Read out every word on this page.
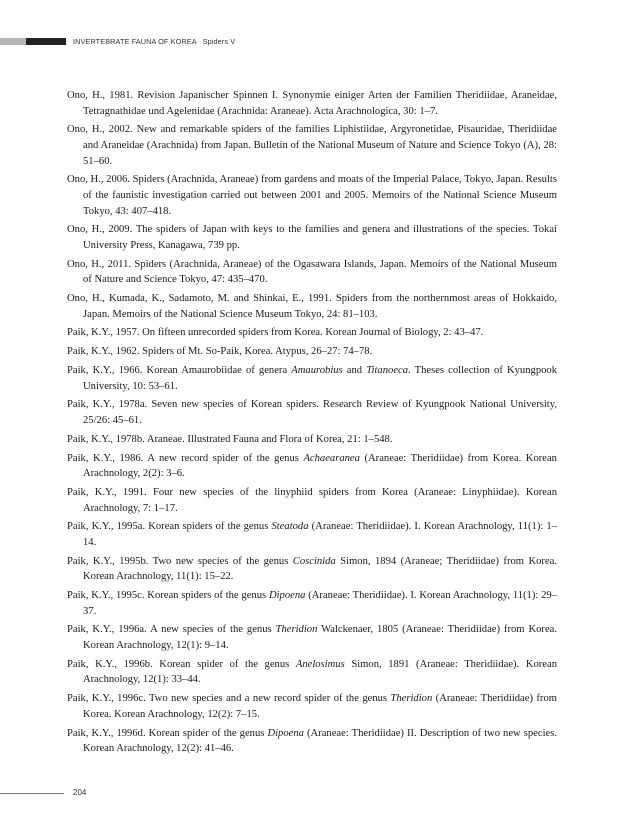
INVERTEBRATE FAUNA OF KOREA Spiders V
Ono, H., 1981. Revision Japanischer Spinnen I. Synonymie einiger Arten der Familien Theridiidae, Araneidae, Tetragnathidae und Agelenidae (Arachnida: Araneae). Acta Arachnologica, 30: 1–7.
Ono, H., 2002. New and remarkable spiders of the families Liphistiidae, Argyronetidae, Pisauridae, Theridiidae and Araneidae (Arachnida) from Japan. Bulletin of the National Museum of Nature and Science Tokyo (A), 28: 51–60.
Ono, H., 2006. Spiders (Arachnida, Araneae) from gardens and moats of the Imperial Palace, Tokyo, Japan. Results of the faunistic investigation carried out between 2001 and 2005. Memoirs of the National Science Museum Tokyo, 43: 407–418.
Ono, H., 2009. The spiders of Japan with keys to the families and genera and illustrations of the species. Tokai University Press, Kanagawa, 739 pp.
Ono, H., 2011. Spiders (Arachnida, Araneae) of the Ogasawara Islands, Japan. Memoirs of the National Museum of Nature and Science Tokyo, 47: 435–470.
Ono, H., Kumada, K., Sadamoto, M. and Shinkai, E., 1991. Spiders from the northernmost areas of Hokkaido, Japan. Memoirs of the National Science Museum Tokyo, 24: 81–103.
Paik, K.Y., 1957. On fifteen unrecorded spiders from Korea. Korean Journal of Biology, 2: 43–47.
Paik, K.Y., 1962. Spiders of Mt. So-Paik, Korea. Atypus, 26–27: 74–78.
Paik, K.Y., 1966. Korean Amaurobiidae of genera Amaurobius and Titanoeca. Theses collection of Kyungpook University, 10: 53–61.
Paik, K.Y., 1978a. Seven new species of Korean spiders. Research Review of Kyungpook National University, 25/26: 45–61.
Paik, K.Y., 1978b. Araneae. Illustrated Fauna and Flora of Korea, 21: 1–548.
Paik, K.Y., 1986. A new record spider of the genus Achaearanea (Araneae: Theridiidae) from Korea. Korean Arachnology, 2(2): 3–6.
Paik, K.Y., 1991. Four new species of the linyphiid spiders from Korea (Araneae: Linyphiidae). Korean Arachnology, 7: 1–17.
Paik, K.Y., 1995a. Korean spiders of the genus Steatoda (Araneae: Theridiidae). I. Korean Arachnology, 11(1): 1–14.
Paik, K.Y., 1995b. Two new species of the genus Coscinida Simon, 1894 (Araneae; Theridiidae) from Korea. Korean Arachnology, 11(1): 15–22.
Paik, K.Y., 1995c. Korean spiders of the genus Dipoena (Araneae: Theridiidae). I. Korean Arachnology, 11(1): 29–37.
Paik, K.Y., 1996a. A new species of the genus Theridion Walckenaer, 1805 (Araneae: Theridiidae) from Korea. Korean Arachnology, 12(1): 9–14.
Paik, K.Y., 1996b. Korean spider of the genus Anelosimus Simon, 1891 (Araneae: Theridiidae). Korean Arachnology, 12(1): 33–44.
Paik, K.Y., 1996c. Two new species and a new record spider of the genus Theridion (Araneae: Theridiidae) from Korea. Korean Arachnology, 12(2): 7–15.
Paik, K.Y., 1996d. Korean spider of the genus Dipoena (Araneae: Theridiidae) II. Description of two new species. Korean Arachnology, 12(2): 41–46.
204
